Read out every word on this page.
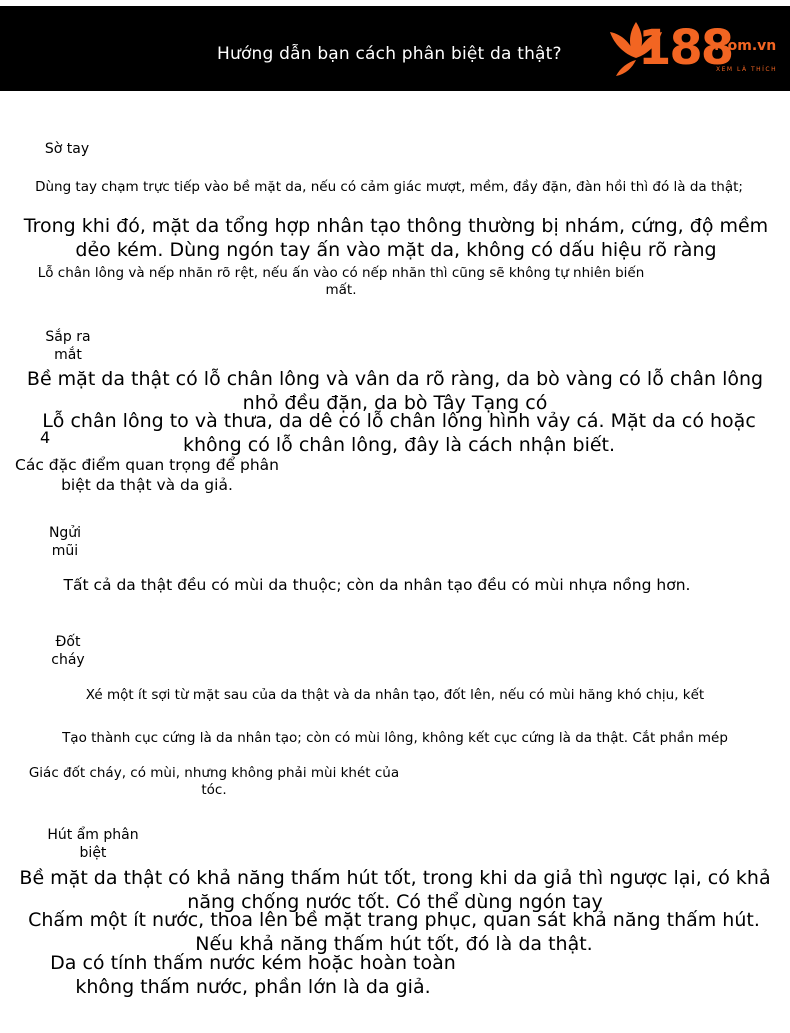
Hướng dẫn bạn cách phân biệt da thật? 188
.com.vn
XEM LÀ THÍCH
Sờ tay
Dùng tay chạm trực tiếp vào bề mặt da, nếu có cảm giác mượt, mềm, đầy đặn, đàn hồi thì đó là da thật;
Trong khi đó, mặt da tổng hợp nhân tạo thông thường bị nhám, cứng, độ mềm dẻo kém. Dùng ngón tay ấn vào mặt da, không có dấu hiệu rõ ràng
Lỗ chân lông và nếp nhăn rõ rệt, nếu ấn vào có nếp nhăn thì cũng sẽ không tự nhiên biến mất.
Sắp ra mắt
Bề mặt da thật có lỗ chân lông và vân da rõ ràng, da bò vàng có lỗ chân lông nhỏ đều đặn, da bò Tây Tạng có
Lỗ chân lông to và thưa, da dê có lỗ chân lông hình vảy cá. Mặt da có hoặc không có lỗ chân lông, đây là cách nhận biết.
4
Các đặc điểm quan trọng để phân biệt da thật và da giả.
Ngửi mũi
Tất cả da thật đều có mùi da thuộc; còn da nhân tạo đều có mùi nhựa nồng hơn.
Đốt cháy
Xé một ít sợi từ mặt sau của da thật và da nhân tạo, đốt lên, nếu có mùi hăng khó chịu, kết
Tạo thành cục cứng là da nhân tạo; còn có mùi lông, không kết cục cứng là da thật. Cắt phần mép
Giác đốt cháy, có mùi, nhưng không phải mùi khét của tóc.
Hút ẩm phân biệt
Bề mặt da thật có khả năng thấm hút tốt, trong khi da giả thì ngược lại, có khả năng chống nước tốt. Có thể dùng ngón tay
Chấm một ít nước, thoa lên bề mặt trang phục, quan sát khả năng thấm hút. Nếu khả năng thấm hút tốt, đó là da thật.
Da có tính thấm nước kém hoặc hoàn toàn không thấm nước, phần lớn là da giả.
